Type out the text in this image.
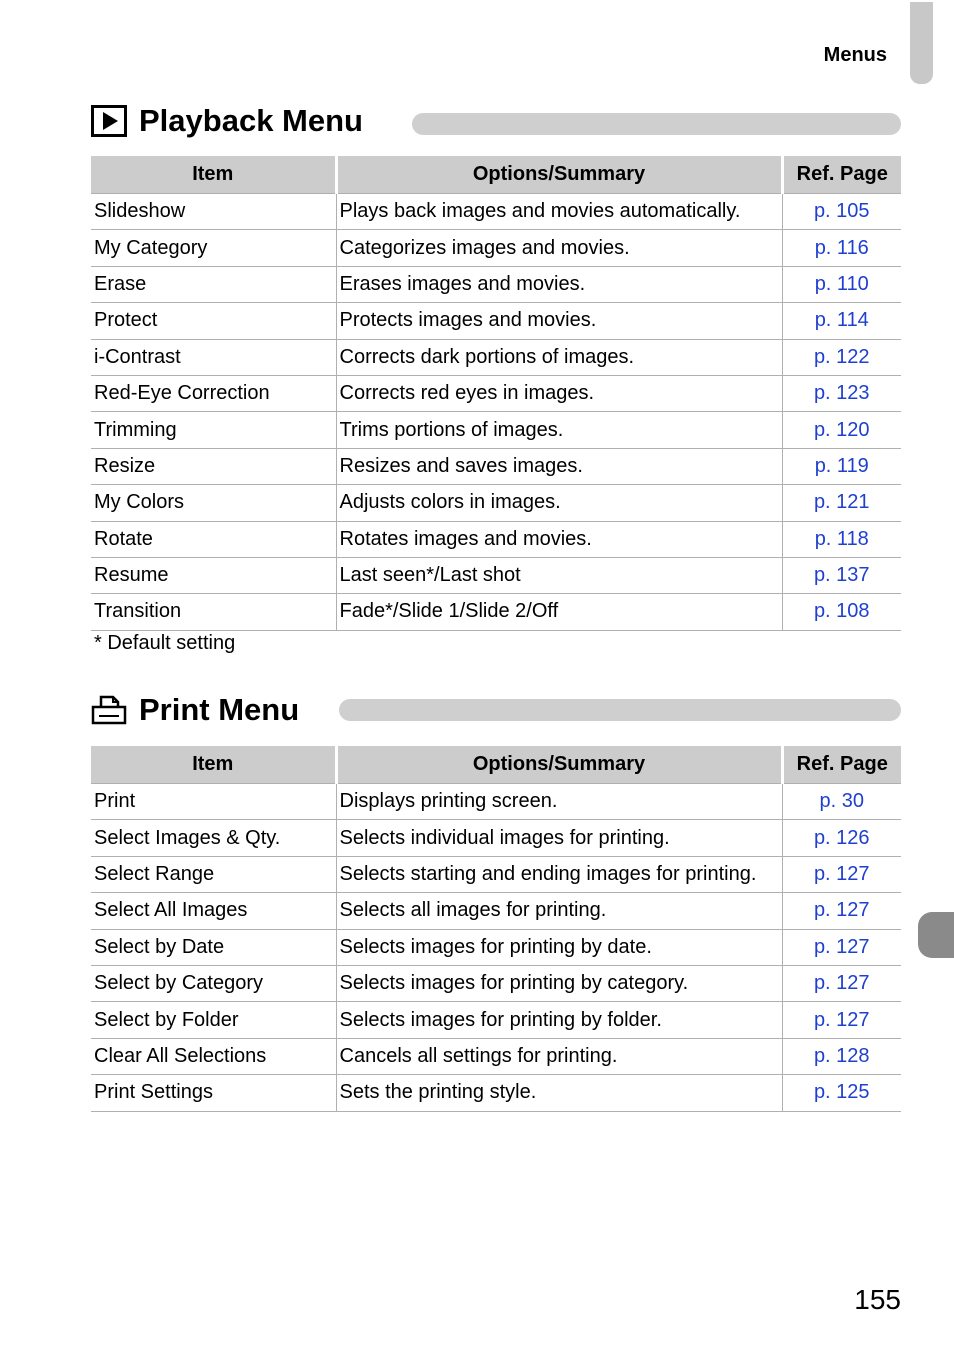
Menus
Playback Menu
Item	Options/Summary	Ref. Page
Slideshow	Plays back images and movies automatically.	p. 105
My Category	Categorizes images and movies.	p. 116
Erase	Erases images and movies.	p. 110
Protect	Protects images and movies.	p. 114
i-Contrast	Corrects dark portions of images.	p. 122
Red-Eye Correction	Corrects red eyes in images.	p. 123
Trimming	Trims portions of images.	p. 120
Resize	Resizes and saves images.	p. 119
My Colors	Adjusts colors in images.	p. 121
Rotate	Rotates images and movies.	p. 118
Resume	Last seen*/Last shot	p. 137
Transition	Fade*/Slide 1/Slide 2/Off	p. 108
* Default setting
Print Menu
Item	Options/Summary	Ref. Page
Print	Displays printing screen.	p. 30
Select Images & Qty.	Selects individual images for printing.	p. 126
Select Range	Selects starting and ending images for printing.	p. 127
Select All Images	Selects all images for printing.	p. 127
Select by Date	Selects images for printing by date.	p. 127
Select by Category	Selects images for printing by category.	p. 127
Select by Folder	Selects images for printing by folder.	p. 127
Clear All Selections	Cancels all settings for printing.	p. 128
Print Settings	Sets the printing style.	p. 125
155
